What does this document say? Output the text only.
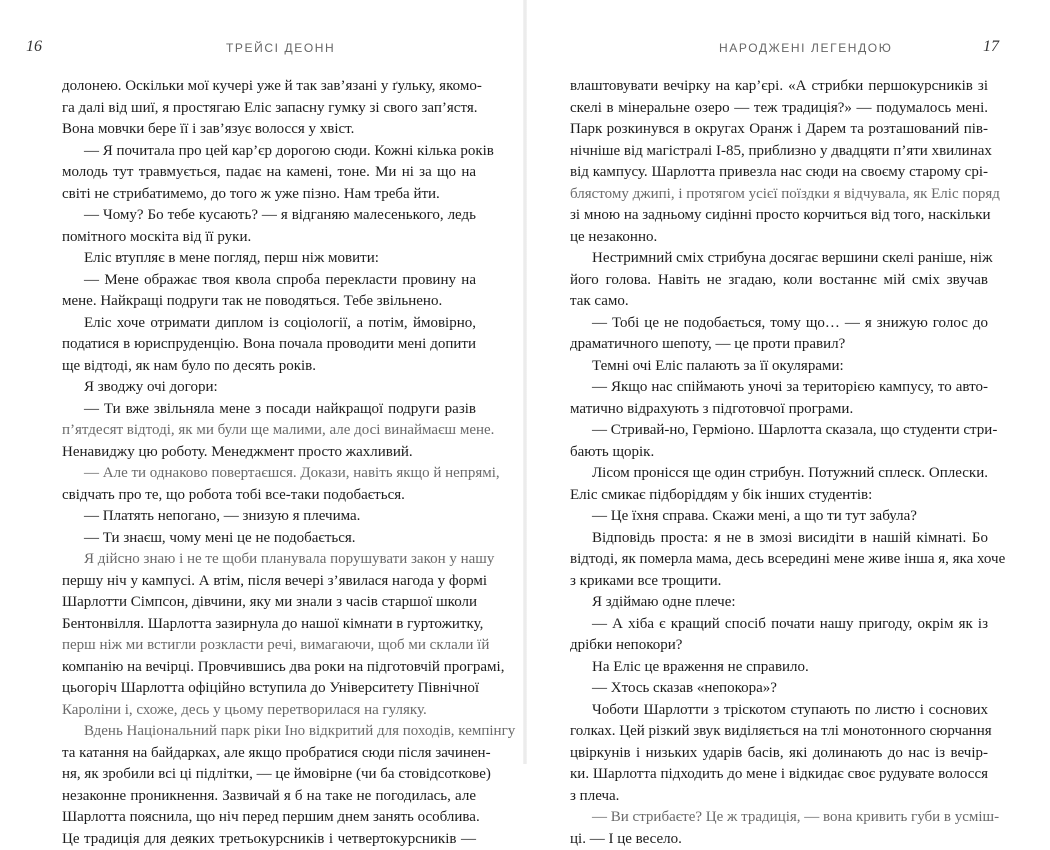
16	ТРЕЙСІ ДЕОНН
долонею. Оскільки мої кучері уже й так зав’язані у ґульку, якомо-
га далі від шиї, я простягаю Еліс запасну гумку зі свого зап’ястя.
Вона мовчки бере її і зав’язує волосся у хвіст.
— Я почитала про цей кар’єр дорогою сюди. Кожні кілька років
молодь тут травмується, падає на камені, тоне. Ми ні за що на
світі не стрибатимемо, до того ж уже пізно. Нам треба йти.
— Чому? Бо тебе кусають? — я відганяю малесенького, ледь
помітного москіта від її руки.
Еліс втупляє в мене погляд, перш ніж мовити:
— Мене ображає твоя кволa спроба перекласти провину на
мене. Найкращі подруги так не поводяться. Тебе звільнено.
Еліс хоче отримати диплом із соціології, а потім, ймовірно,
податися в юриспруденцію. Вона почала проводити мені допити
ще відтоді, як нам було по десять років.
Я зводжу очі догори:
— Ти вже звільняла мене з посади найкращої подруги разів
п’ятдесят відтоді, як ми були ще малими, але досі винаймаєш мене.
Ненавиджу цю роботу. Менеджмент просто жахливий.
— Але ти однаково повертаєшся. Докази, навіть якщо й непрямі,
свідчать про те, що робота тобі все-таки подобається.
— Платять непогано, — знизую я плечима.
— Ти знаєш, чому мені це не подобається.
Я дійсно знаю і не те щоби планувала порушувати закон у нашу
першу ніч у кампусі. А втім, після вечері з’явилася нагода у формі
Шарлотти Сімпсон, дівчини, яку ми знали з часів старшої школи
Бентонвілля. Шарлотта зазирнула до нашої кімнати в гуртожитку,
перш ніж ми встигли розкласти речі, вимагаючи, щоб ми склали їй
компанію на вечірці. Провчившись два роки на підготовчій програмі,
цьогоріч Шарлотта офіційно вступила до Університету Північної
Кароліни і, схоже, десь у цьому перетворилася на гуляку.
Вдень Національний парк ріки Іно відкритий для походів, кемпінгу
та катання на байдарках, але якщо пробратися сюди після зачинен-
ня, як зробили всі ці підлітки, — це ймовірне (чи ба стовідсоткове)
незаконне проникнення. Зазвичай я б на таке не погодилась, але
Шарлотта пояснила, що ніч перед першим днем занять особлива.
Це традиція для деяких третьокурсників і четвертокурсників —
17
НАРОДЖЕНІ ЛЕГЕНДОЮ
влаштовувати вечірку на кар’єрі. «А стрибки першокурсників зі
скелі в мінеральне озеро — теж традиція?» — подумалось мені.
Парк розкинувся в округах Оранж і Дарем та розташований пів-
нічніше від магістралі І-85, приблизно у двадцяти п’яти хвилинах
від кампусу. Шарлотта привезла нас сюди на своєму старому срі-
блястому джипі, і протягом усієї поїздки я відчувала, як Еліс поряд
зі мною на задньому сидінні просто корчиться від того, наскільки
це незаконно.
Нестримний сміх стрибуна досягає вершини скелі раніше, ніж
його голова. Навіть не згадаю, коли востаннє мій сміх звучав
так само.
— Тобі це не подобається, тому що… — я знижую голос до
драматичного шепоту, — це проти правил?
Темні очі Еліс палають за її окулярами:
— Якщо нас спіймають уночі за територією кампусу, то авто-
матично відрахують з підготовчої програми.
— Стривай-но, Герміоно. Шарлотта сказала, що студенти стри-
бають щорік.
Лісом проніcся ще один стрибун. Потужний сплеск. Оплески.
Еліс смикає підборіддям у бік інших студентів:
— Це їхня справа. Скажи мені, а що ти тут забула?
Відповідь проста: я не в змозі висидіти в нашій кімнаті. Бо
відтоді, як померла мама, десь всередині мене живе інша я, яка хоче
з криками все трощити.
Я здіймаю одне плече:
— А хіба є кращий спосіб почати нашу пригоду, окрім як із
дрібки непокори?
На Еліс це враження не справило.
— Хтось сказав «непокора»?
Чоботи Шарлотти з тріскотом ступають по листю і соснових
голках. Цей різкий звук виділяється на тлі монотонного сюрчання
цвіркунів і низьких ударів басів, які долинають до нас із вечір-
ки. Шарлотта підходить до мене і відкидає своє рудувате волосся
з плеча.
— Ви стрибаєте? Це ж традиція, — вона кривить губи в усміш-
ці. — І це весело.
